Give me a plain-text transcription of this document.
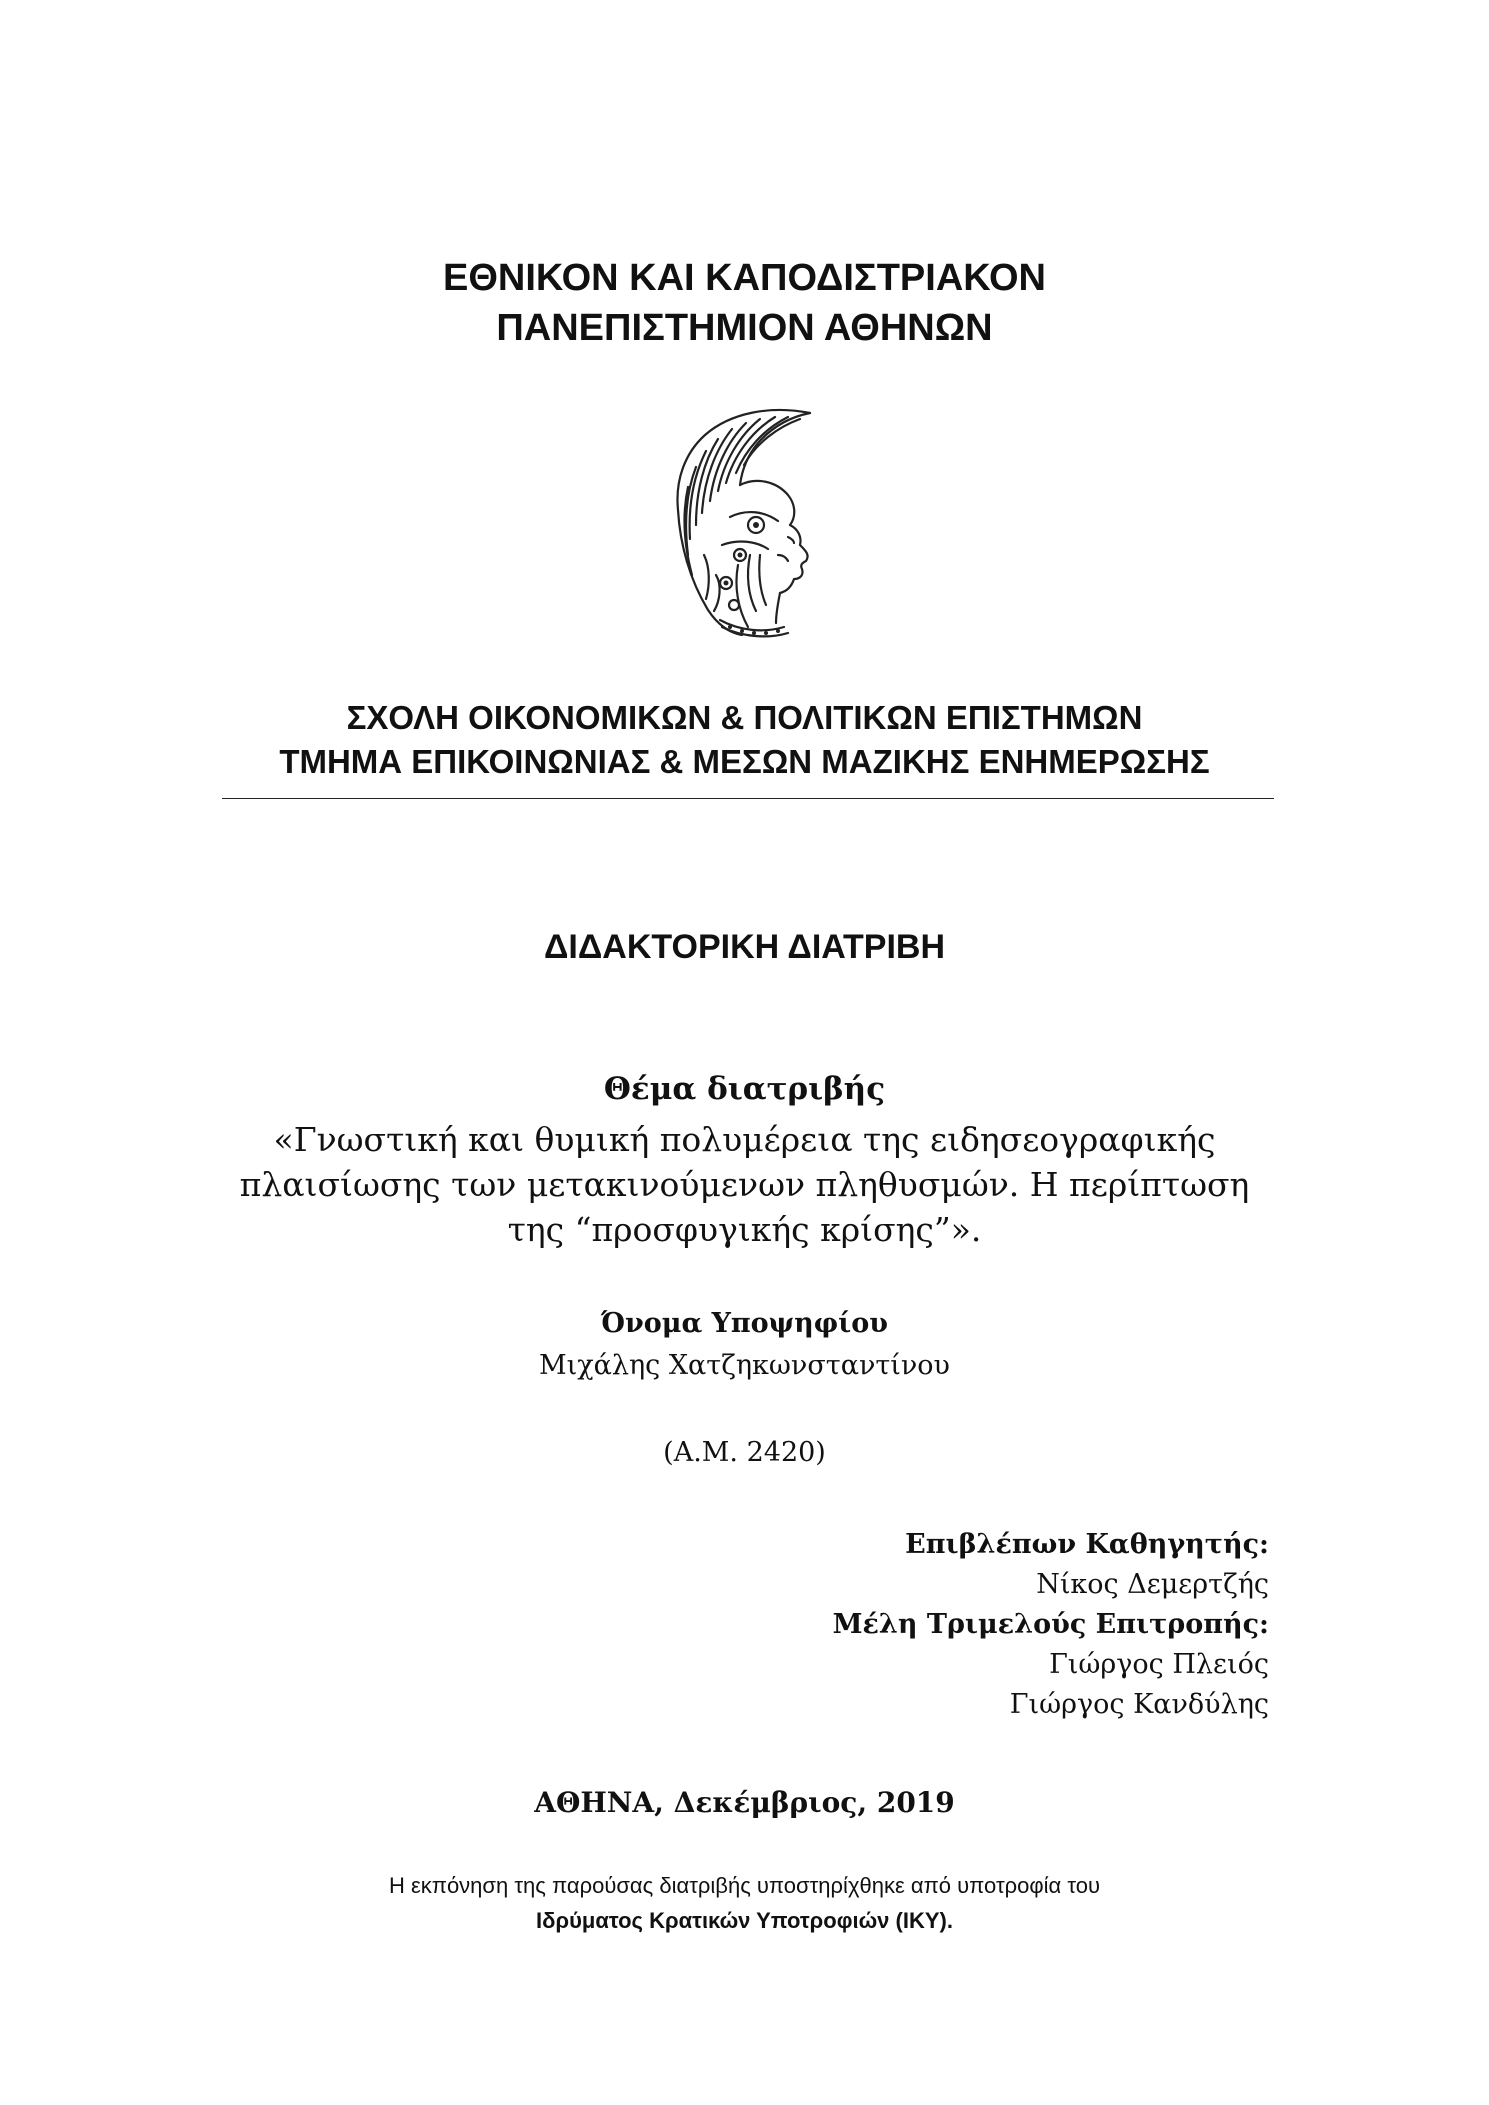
ΕΘΝΙΚΟΝ ΚΑΙ ΚΑΠΟΔΙΣΤΡΙΑΚΟΝ
ΠΑΝΕΠΙΣΤΗΜΙΟΝ ΑΘΗΝΩΝ
ΣΧΟΛΗ ΟΙΚΟΝΟΜΙΚΩΝ & ΠΟΛΙΤΙΚΩΝ ΕΠΙΣΤΗΜΩΝ
ΤΜΗΜΑ ΕΠΙΚΟΙΝΩΝΙΑΣ & ΜΕΣΩΝ ΜΑΖΙΚΗΣ ΕΝΗΜΕΡΩΣΗΣ
ΔΙΔΑΚΤΟΡΙΚΗ ΔΙΑΤΡΙΒΗ
Θέμα διατριβής
«Γνωστική και θυμική πολυμέρεια της ειδησεογραφικής
πλαισίωσης των μετακινούμενων πληθυσμών. Η περίπτωση
της “προσφυγικής κρίσης”».
Όνομα Υποψηφίου
Μιχάλης Χατζηκωνσταντίνου
(Α.Μ. 2420)
Επιβλέπων Καθηγητής:
Νίκος Δεμερτζής
Μέλη Τριμελούς Επιτροπής:
Γιώργος Πλειός
Γιώργος Κανδύλης
ΑΘΗΝΑ, Δεκέμβριος, 2019
Η εκπόνηση της παρούσας διατριβής υποστηρίχθηκε από υποτροφία του
Ιδρύματος Κρατικών Υποτροφιών (ΙΚΥ).
